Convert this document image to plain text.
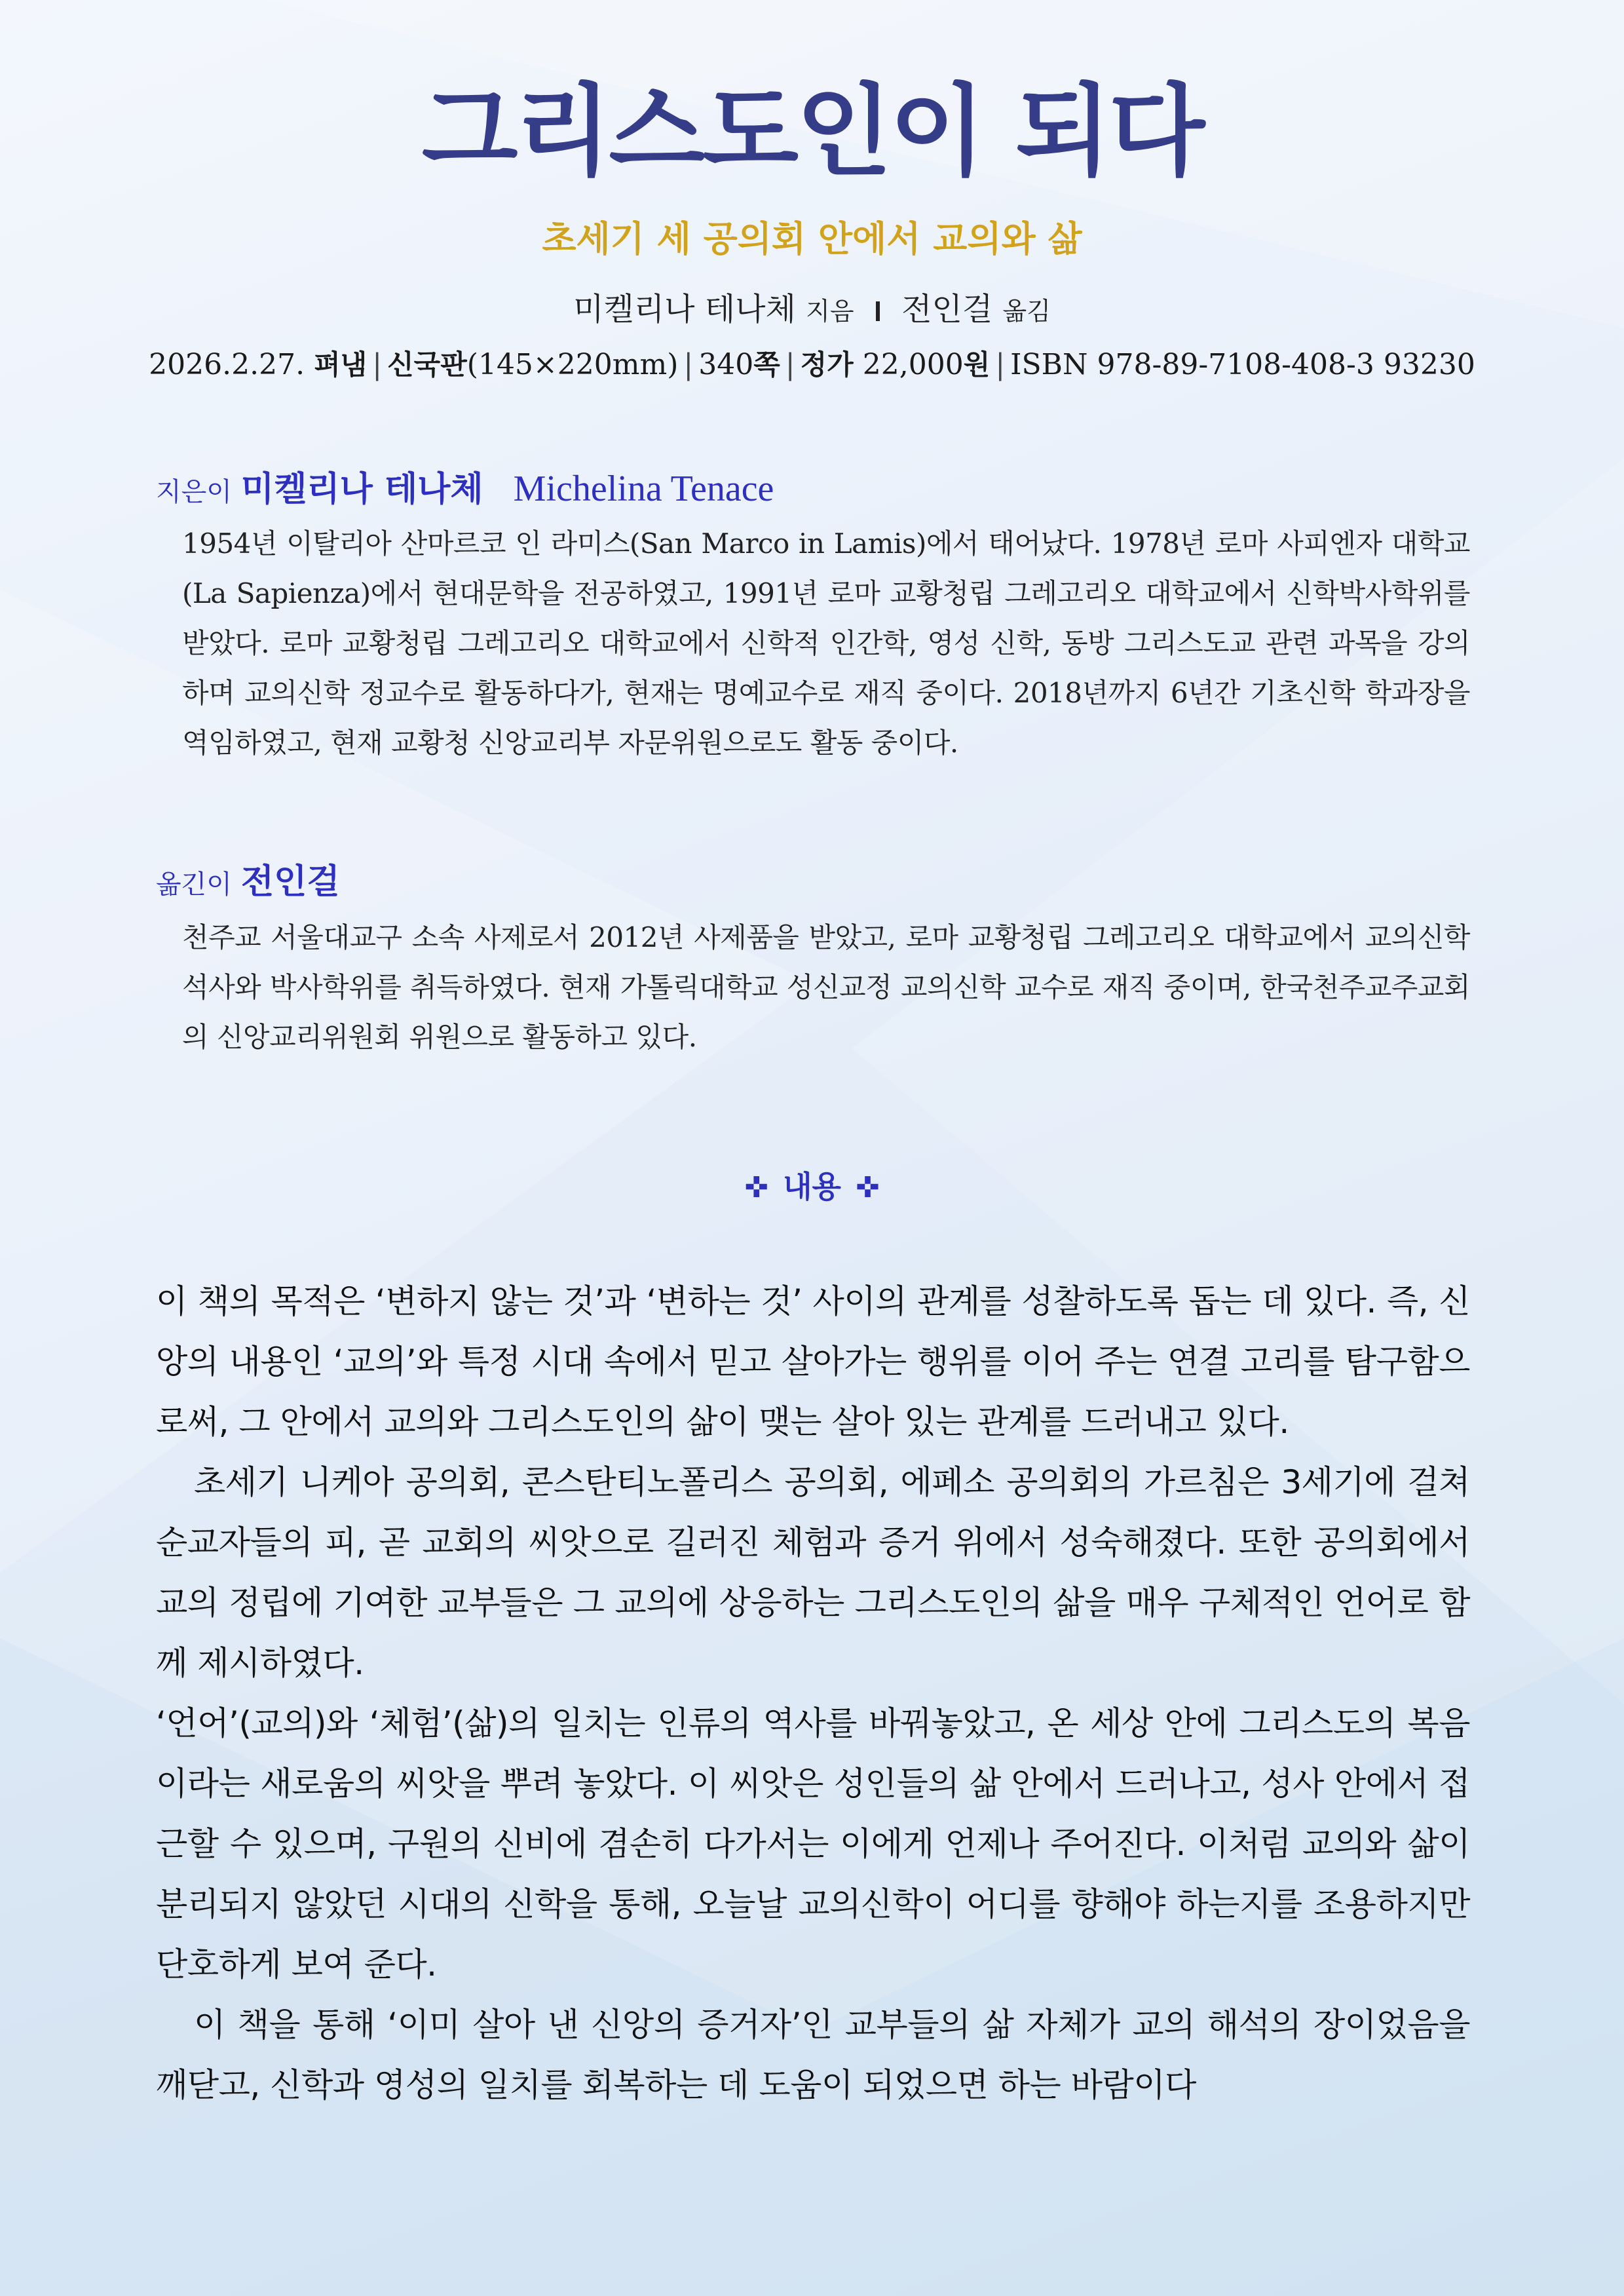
그리스도인이 되다
초세기 세 공의회 안에서 교의와 삶
미켈리나 테나체 지음 전인걸 옮김
2026.2.27. 펴냄 | 신국판(145×220mm) | 340쪽 | 정가 22,000원 | ISBN 978-89-7108-408-3 93230
지은이 미켈리나 테나체 Michelina Tenace

1954년 이탈리아 산마르코 인 라미스(San Marco in Lamis)에서 태어났다. 1978년 로마 사피엔자 대학교(La Sapienza)에서 현대문학을 전공하였고, 1991년 로마 교황청립 그레고리오 대학교에서 신학박사학위를 받았다. 로마 교황청립 그레고리오 대학교에서 신학적 인간학, 영성 신학, 동방 그리스도교 관련 과목을 강의하며 교의신학 정교수로 활동하다가, 현재는 명예교수로 재직 중이다. 2018년까지 6년간 기초신학 학과장을 역임하였고, 현재 교황청 신앙교리부 자문위원으로도 활동 중이다.

옮긴이 전인걸

천주교 서울대교구 소속 사제로서 2012년 사제품을 받았고, 로마 교황청립 그레고리오 대학교에서 교의신학 석사와 박사학위를 취득하였다. 현재 가톨릭대학교 성신교정 교의신학 교수로 재직 중이며, 한국천주교주교회의 신앙교리위원회 위원으로 활동하고 있다.

✜ 내용 ✜

이 책의 목적은 ‘변하지 않는 것’과 ‘변하는 것’ 사이의 관계를 성찰하도록 돕는 데 있다. 즉, 신앙의 내용인 ‘교의’와 특정 시대 속에서 믿고 살아가는 행위를 이어 주는 연결 고리를 탐구함으로써, 그 안에서 교의와 그리스도인의 삶이 맺는 살아 있는 관계를 드러내고 있다.

초세기 니케아 공의회, 콘스탄티노폴리스 공의회, 에페소 공의회의 가르침은 3세기에 걸쳐 순교자들의 피, 곧 교회의 씨앗으로 길러진 체험과 증거 위에서 성숙해졌다. 또한 공의회에서 교의 정립에 기여한 교부들은 그 교의에 상응하는 그리스도인의 삶을 매우 구체적인 언어로 함께 제시하였다.

‘언어’(교의)와 ‘체험’(삶)의 일치는 인류의 역사를 바꿔놓았고, 온 세상 안에 그리스도의 복음이라는 새로움의 씨앗을 뿌려 놓았다. 이 씨앗은 성인들의 삶 안에서 드러나고, 성사 안에서 접근할 수 있으며, 구원의 신비에 겸손히 다가서는 이에게 언제나 주어진다. 이처럼 교의와 삶이 분리되지 않았던 시대의 신학을 통해, 오늘날 교의신학이 어디를 향해야 하는지를 조용하지만 단호하게 보여 준다.

이 책을 통해 ‘이미 살아 낸 신앙의 증거자’인 교부들의 삶 자체가 교의 해석의 장이었음을 깨닫고, 신학과 영성의 일치를 회복하는 데 도움이 되었으면 하는 바람이다
